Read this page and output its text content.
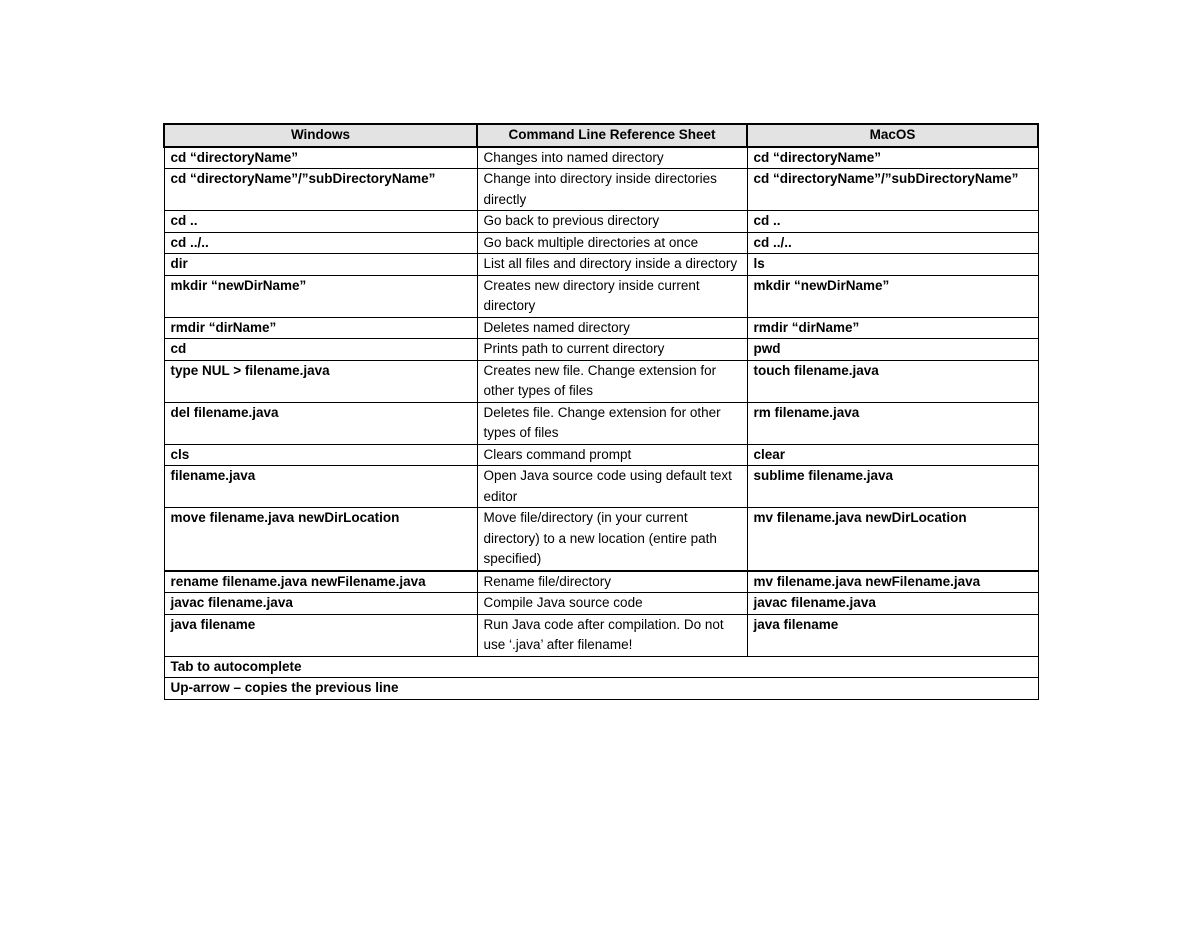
Windows	Command Line Reference Sheet	MacOS
cd “directoryName”	Changes into named directory	cd “directoryName”
cd “directoryName”/”subDirectoryName”	Change into directory inside directories directly	cd “directoryName”/”subDirectoryName”
cd ..	Go back to previous directory	cd ..
cd ../..	Go back multiple directories at once	cd ../..
dir	List all files and directory inside a directory	ls
mkdir “newDirName”	Creates new directory inside current directory	mkdir “newDirName”
rmdir “dirName”	Deletes named directory	rmdir “dirName”
cd	Prints path to current directory	pwd
type NUL > filename.java	Creates new file. Change extension for other types of files	touch filename.java
del filename.java	Deletes file. Change extension for other types of files	rm filename.java
cls	Clears command prompt	clear
filename.java	Open Java source code using default text editor	sublime filename.java
move filename.java newDirLocation	Move file/directory (in your current directory) to a new location (entire path specified)	mv filename.java newDirLocation
rename filename.java newFilename.java	Rename file/directory	mv filename.java newFilename.java
javac filename.java	Compile Java source code	javac filename.java
java filename	Run Java code after compilation. Do not use ‘.java’ after filename!	java filename
Tab to autocomplete		
Up-arrow – copies the previous line		
